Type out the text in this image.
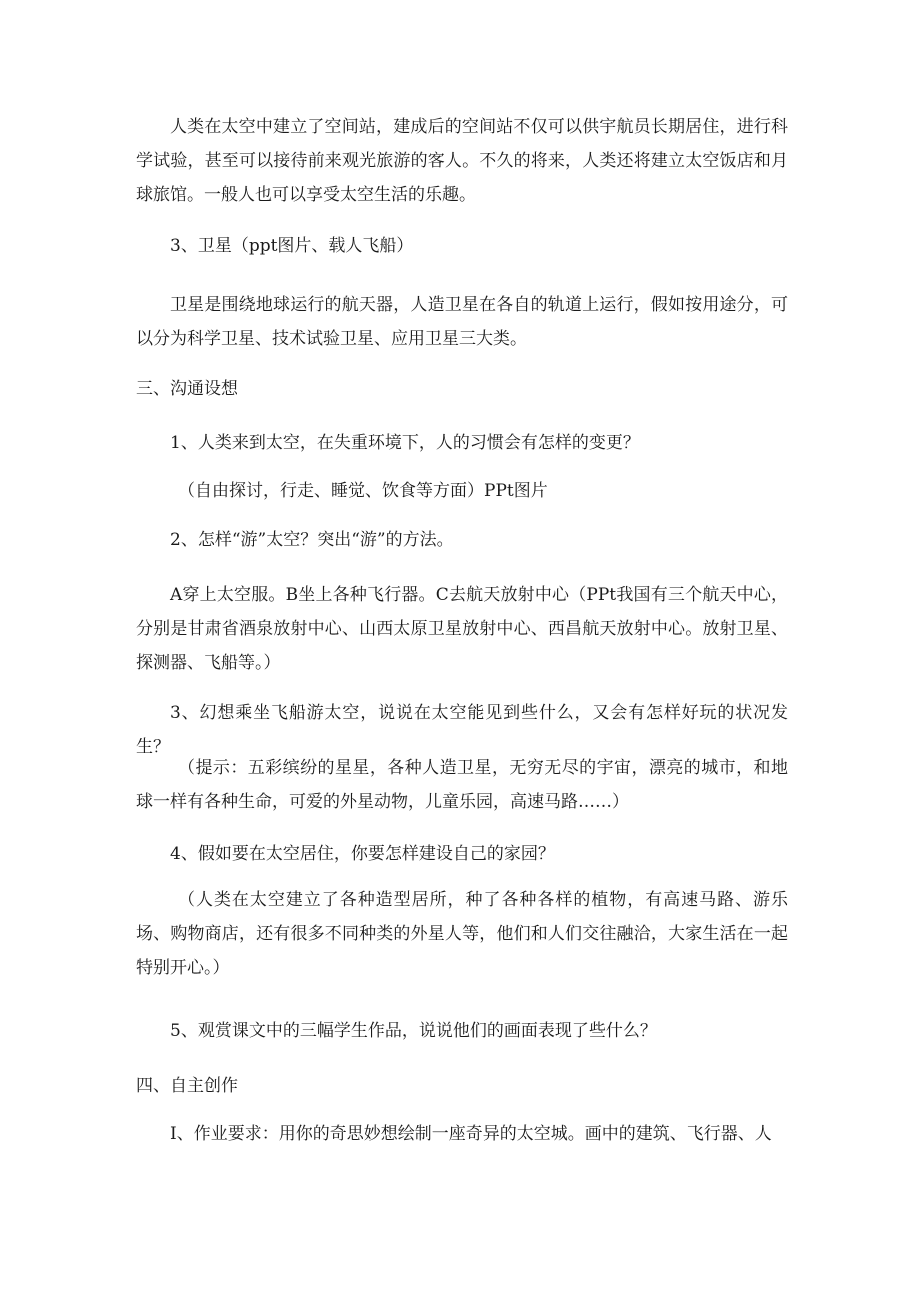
人类在太空中建立了空间站，建成后的空间站不仅可以供宇航员长期居住，进行科学试验，甚至可以接待前来观光旅游的客人。不久的将来，人类还将建立太空饭店和月球旅馆。一般人也可以享受太空生活的乐趣。

3、卫星（ppt图片、载人飞船）

卫星是围绕地球运行的航天器，人造卫星在各自的轨道上运行，假如按用途分，可以分为科学卫星、技术试验卫星、应用卫星三大类。

三、沟通设想

1、人类来到太空，在失重环境下，人的习惯会有怎样的变更？

（自由探讨，行走、睡觉、饮食等方面）PPt图片

2、怎样“游”太空？突出“游”的方法。

A穿上太空服。B坐上各种飞行器。C去航天放射中心（PPt我国有三个航天中心，分别是甘肃省酒泉放射中心、山西太原卫星放射中心、西昌航天放射中心。放射卫星、探测器、飞船等。）

3、幻想乘坐飞船游太空，说说在太空能见到些什么，又会有怎样好玩的状况发生？

（提示：五彩缤纷的星星，各种人造卫星，无穷无尽的宇宙，漂亮的城市，和地球一样有各种生命，可爱的外星动物，儿童乐园，高速马路……）

4、假如要在太空居住，你要怎样建设自己的家园？

（人类在太空建立了各种造型居所，种了各种各样的植物，有高速马路、游乐场、购物商店，还有很多不同种类的外星人等，他们和人们交往融洽，大家生活在一起特别开心。）

5、观赏课文中的三幅学生作品，说说他们的画面表现了些什么？

四、自主创作

I、作业要求：用你的奇思妙想绘制一座奇异的太空城。画中的建筑、飞行器、人
